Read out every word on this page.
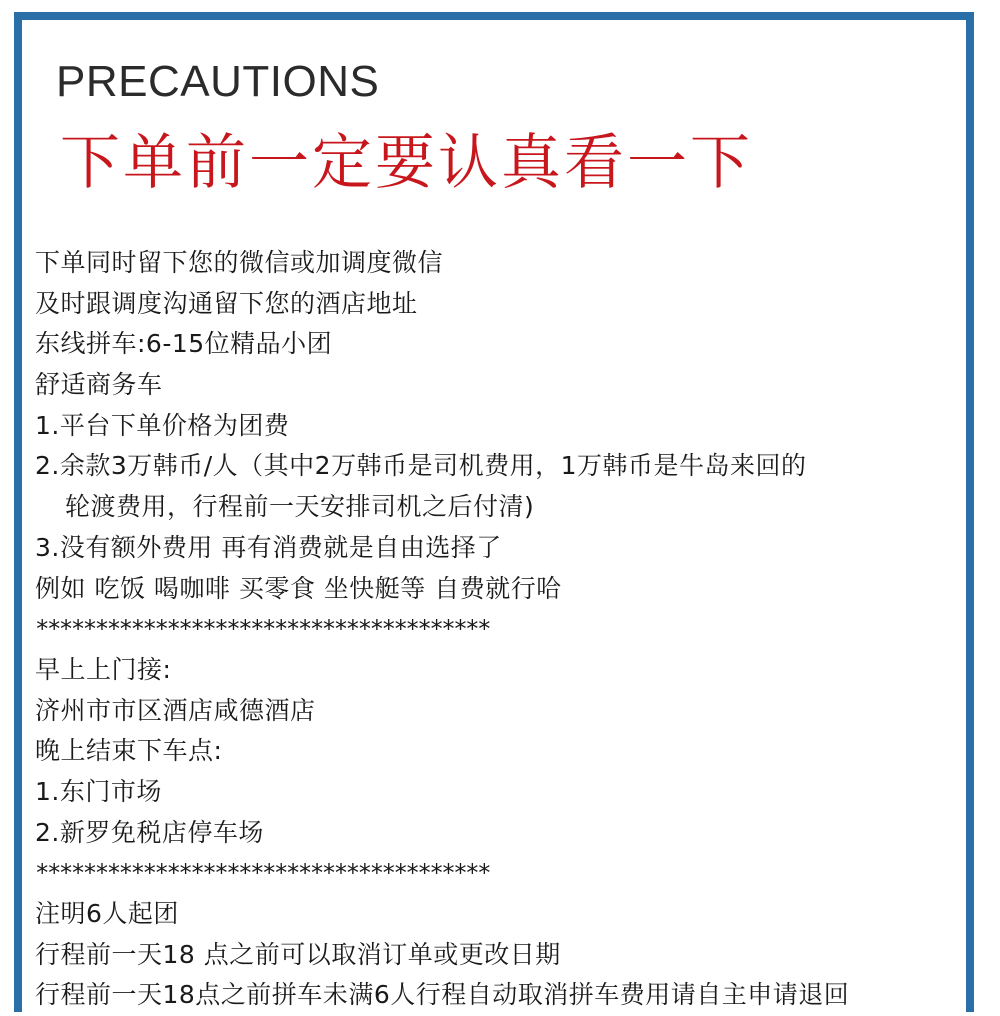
PRECAUTIONS
下单前一定要认真看一下
下单同时留下您的微信或加调度微信
及时跟调度沟通留下您的酒店地址
东线拼车:6-15位精品小团
舒适商务车
1.平台下单价格为团费
2.余款3万韩币/人（其中2万韩币是司机费用，1万韩币是牛岛来回的
轮渡费用，行程前一天安排司机之后付清)
3.没有额外费用 再有消费就是自由选择了
例如 吃饭 喝咖啡 买零食 坐快艇等 自费就行哈
**************************************
早上上门接:
济州市市区酒店咸德酒店
晚上结束下车点:
1.东门市场
2.新罗免税店停车场
**************************************
注明6人起团
行程前一天18 点之前可以取消订单或更改日期
行程前一天18点之前拼车未满6人行程自动取消拼车费用请自主申请退回
